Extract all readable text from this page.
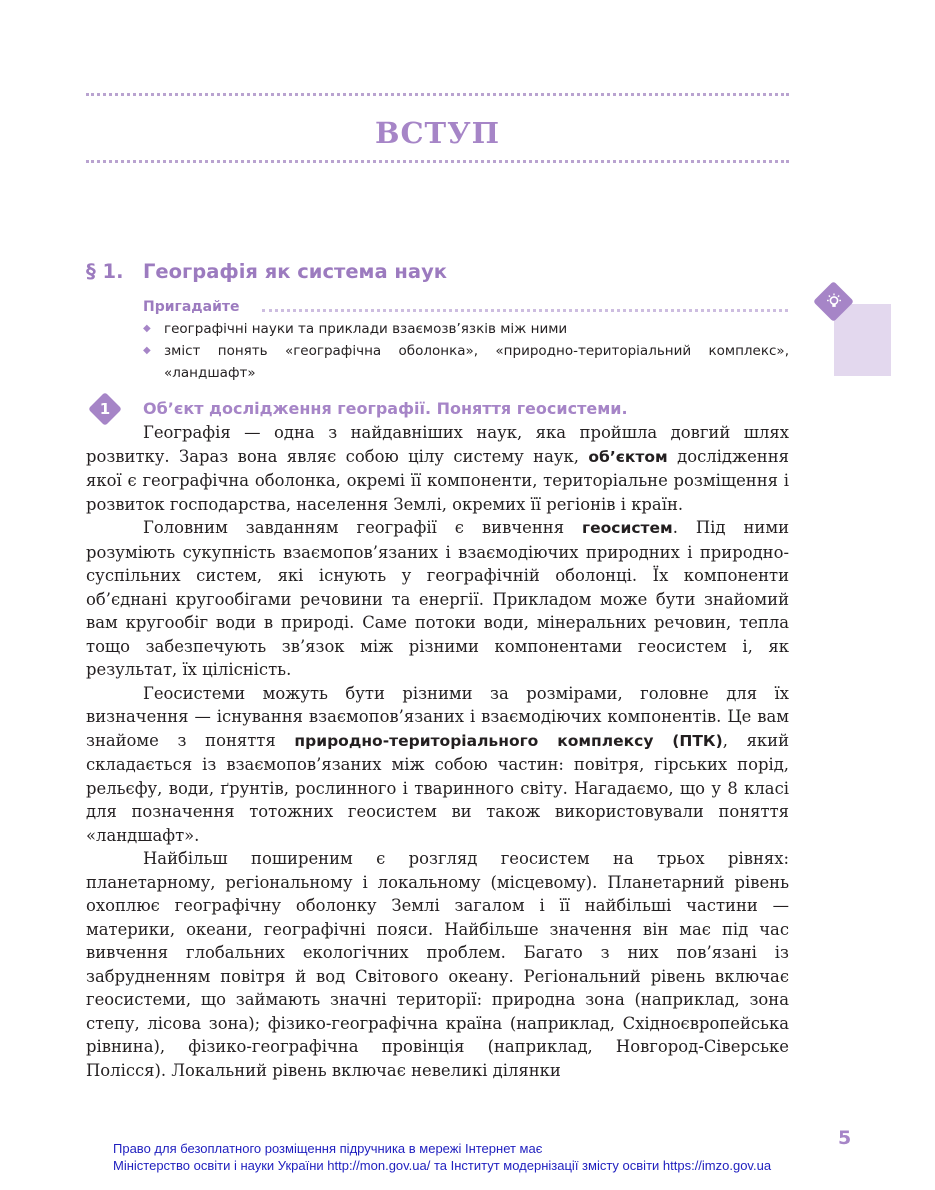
ВСТУП
§ 1. Географія як система наук
Пригадайте
◆ географічні науки та приклади взаємозв’язків між ними
◆ зміст понять «географічна оболонка», «природно-територіальний комплекс», «ландшафт»
1	Об’єкт дослідження географії. Поняття геосистеми.

Географія — одна з найдавніших наук, яка пройшла довгий шлях розвитку. Зараз вона являє собою цілу систему наук, об’єктом дослідження якої є географічна оболонка, окремі її компоненти, територіальне розміщення і розвиток господарства, населення Землі, окремих її регіонів і країн.

Головним завданням географії є вивчення геосистем. Під ними розуміють сукупність взаємопов’язаних і взаємодіючих природних і природно-суспільних систем, які існують у географічній оболонці. Їх компоненти об’єднані кругообігами речовини та енергії. Прикладом може бути знайомий вам кругообіг води в природі. Саме потоки води, мінеральних речовин, тепла тощо забезпечують зв’язок між різними компонентами геосистем і, як результат, їх цілісність.

Геосистеми можуть бути різними за розмірами, головне для їх визначення — існування взаємопов’язаних і взаємодіючих компонентів. Це вам знайоме з поняття природно-територіального комплексу (ПТК), який складається із взаємопов’язаних між собою частин: повітря, гірських порід, рельєфу, води, ґрунтів, рослинного і тваринного світу. Нагадаємо, що у 8 класі для позначення тотожних геосистем ви також використовували поняття «ландшафт».

Найбільш поширеним є розгляд геосистем на трьох рівнях: планетарному, регіональному і локальному (місцевому). Планетарний рівень охоплює географічну оболонку Землі загалом і її найбільші частини — материки, океани, географічні пояси. Найбільше значення він має під час вивчення глобальних екологічних проблем. Багато з них пов’язані із забрудненням повітря й вод Світового океану. Регіональний рівень включає геосистеми, що займають значні території: природна зона (наприклад, зона степу, лісова зона); фізико-географічна країна (наприклад, Східноєвропейська рівнина), фізико-географічна провінція (наприклад, Новгород-Сіверське Полісся). Локальний рівень включає невеликі ділянки

5
Право для безоплатного розміщення підручника в мережі Інтернет має
Міністерство освіти і науки України http://mon.gov.ua/ та Інститут модернізації змісту освіти https://imzo.gov.ua
